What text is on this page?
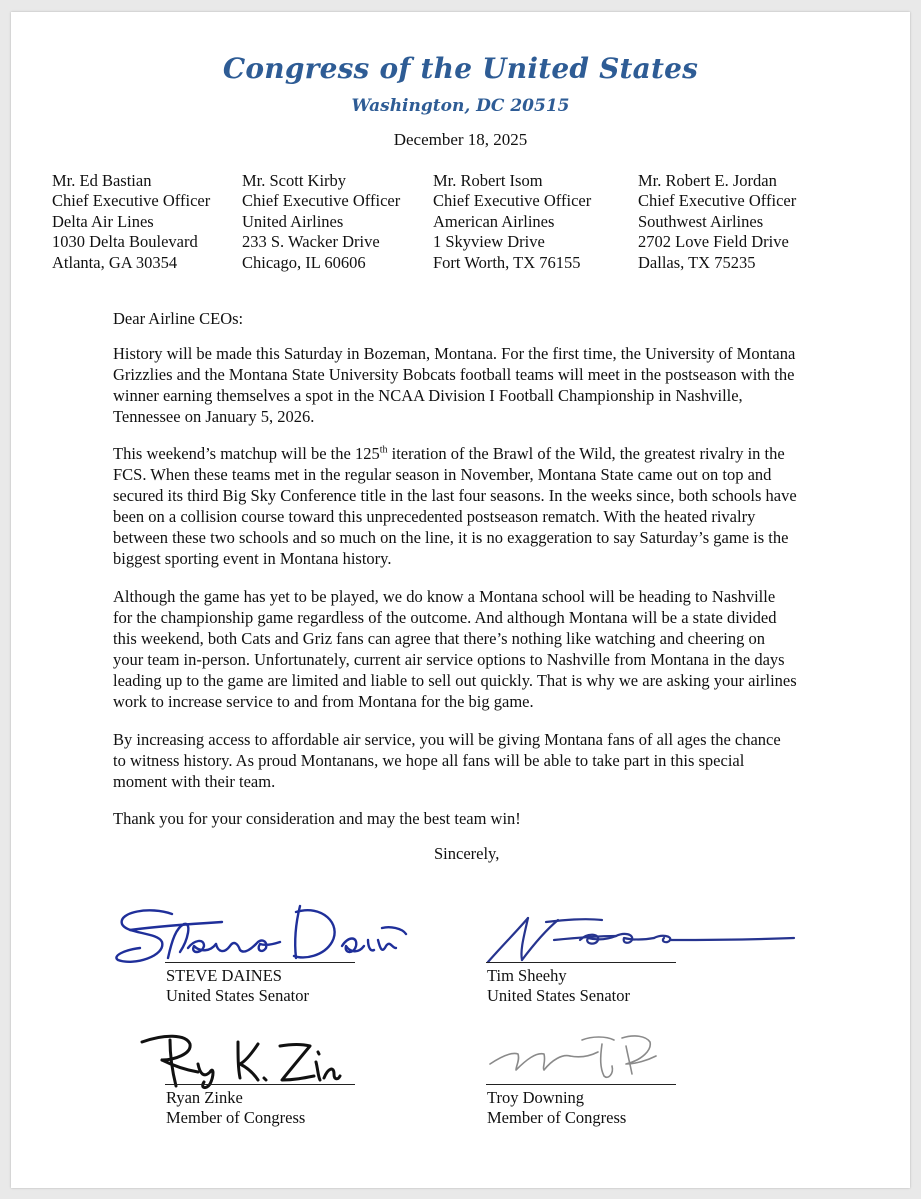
Congress of the United States
Washington, DC 20515
December 18, 2025
Mr. Ed Bastian
Chief Executive Officer
Delta Air Lines
1030 Delta Boulevard
Atlanta, GA 30354
Mr. Scott Kirby
Chief Executive Officer
United Airlines
233 S. Wacker Drive
Chicago, IL 60606
Mr. Robert Isom
Chief Executive Officer
American Airlines
1 Skyview Drive
Fort Worth, TX 76155
Mr. Robert E. Jordan
Chief Executive Officer
Southwest Airlines
2702 Love Field Drive
Dallas, TX 75235
Dear Airline CEOs:
History will be made this Saturday in Bozeman, Montana. For the first time, the University of Montana Grizzlies and the Montana State University Bobcats football teams will meet in the postseason with the winner earning themselves a spot in the NCAA Division I Football Championship in Nashville, Tennessee on January 5, 2026.
This weekend’s matchup will be the 125th iteration of the Brawl of the Wild, the greatest rivalry in the FCS. When these teams met in the regular season in November, Montana State came out on top and secured its third Big Sky Conference title in the last four seasons. In the weeks since, both schools have been on a collision course toward this unprecedented postseason rematch. With the heated rivalry between these two schools and so much on the line, it is no exaggeration to say Saturday’s game is the biggest sporting event in Montana history.
Although the game has yet to be played, we do know a Montana school will be heading to Nashville for the championship game regardless of the outcome. And although Montana will be a state divided this weekend, both Cats and Griz fans can agree that there’s nothing like watching and cheering on your team in-person. Unfortunately, current air service options to Nashville from Montana in the days leading up to the game are limited and liable to sell out quickly. That is why we are asking your airlines work to increase service to and from Montana for the big game.
By increasing access to affordable air service, you will be giving Montana fans of all ages the chance to witness history. As proud Montanans, we hope all fans will be able to take part in this special moment with their team.
Thank you for your consideration and may the best team win!
Sincerely,
STEVE DAINES
United States Senator
Tim Sheehy
United States Senator
Ryan Zinke
Member of Congress
Troy Downing
Member of Congress
